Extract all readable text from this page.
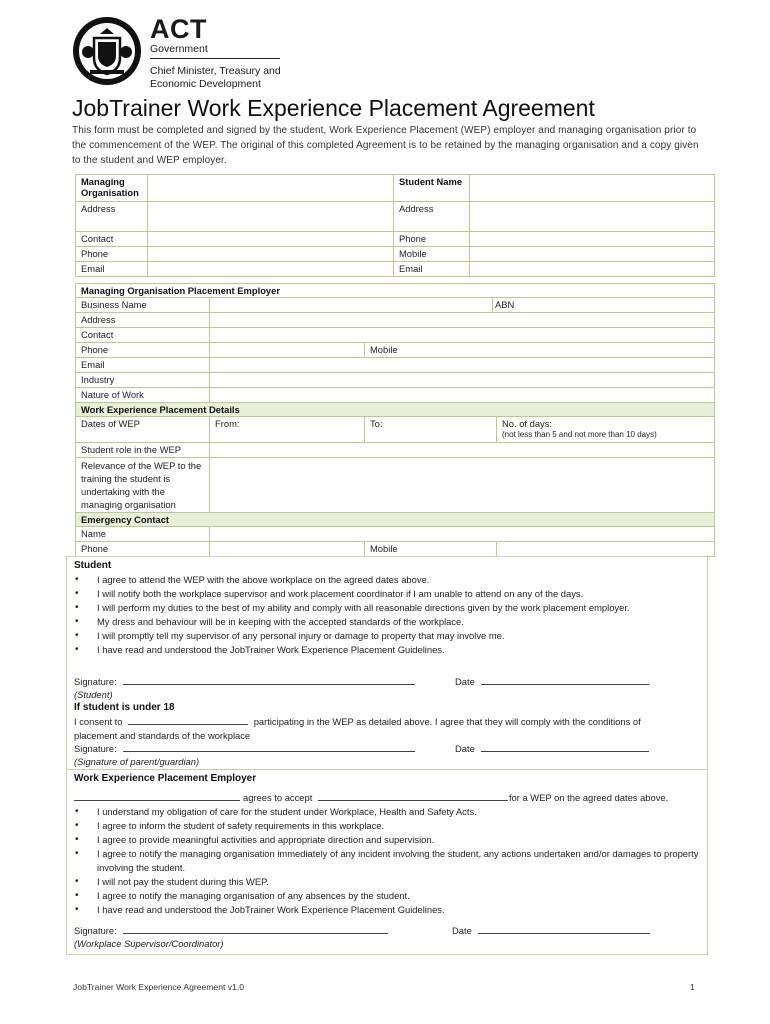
ACT
Government
Chief Minister, Treasury and
Economic Development
JobTrainer Work Experience Placement Agreement
This form must be completed and signed by the student, Work Experience Placement (WEP) employer and managing organisation prior to the commencement of the WEP. The original of this completed Agreement is to be retained by the managing organisation and a copy given to the student and WEP employer.
Managing Organisation		Student Name	
Address		Address	
Contact		Phone	
Phone		Mobile	
Email		Email	
Managing Organisation Placement Employer				
Business Name			ABN	
Address				
Contact				
Phone		Mobile		
Email				
Industry				
Nature of Work				
Work Experience Placement Details				
Dates of WEP	From:	To:		No. of days:
(not less than 5 and not more than 10 days)

Student role in the WEP				
Relevance of the WEP to the training the student is undertaking with the managing organisation				
Emergency Contact				
Name				
Phone		Mobile		
Student
• I agree to attend the WEP with the above workplace on the agreed dates above.
• I will notify both the workplace supervisor and work placement coordinator if I am unable to attend on any of the days.
• I will perform my duties to the best of my ability and comply with all reasonable directions given by the work placement employer.
• My dress and behaviour will be in keeping with the accepted standards of the workplace.
• I will promptly tell my supervisor of any personal injury or damage to property that may involve me.
• I have read and understood the JobTrainer Work Experience Placement Guidelines.
Signature:	Date
(Student)
If student is under 18
I consent to	participating in the WEP as detailed above. I agree that they will comply with the conditions of
placement and standards of the workplace
Signature:	Date
(Signature of parent/guardian)
Work Experience Placement Employer
agrees to accept	for a WEP on the agreed dates above.
• I understand my obligation of care for the student under Workplace, Health and Safety Acts.
• I agree to inform the student of safety requirements in this workplace.
• I agree to provide meaningful activities and appropriate direction and supervision.
• I agree to notify the managing organisation immediately of any incident involving the student, any actions undertaken and/or damages to property involving the student.
• I will not pay the student during this WEP.
• I agree to notify the managing organisation of any absences by the student.
• I have read and understood the JobTrainer Work Experience Placement Guidelines.
Signature:	Date
(Workplace Supervisor/Coordinator)
JobTrainer Work Experience Agreement v1.0	1
